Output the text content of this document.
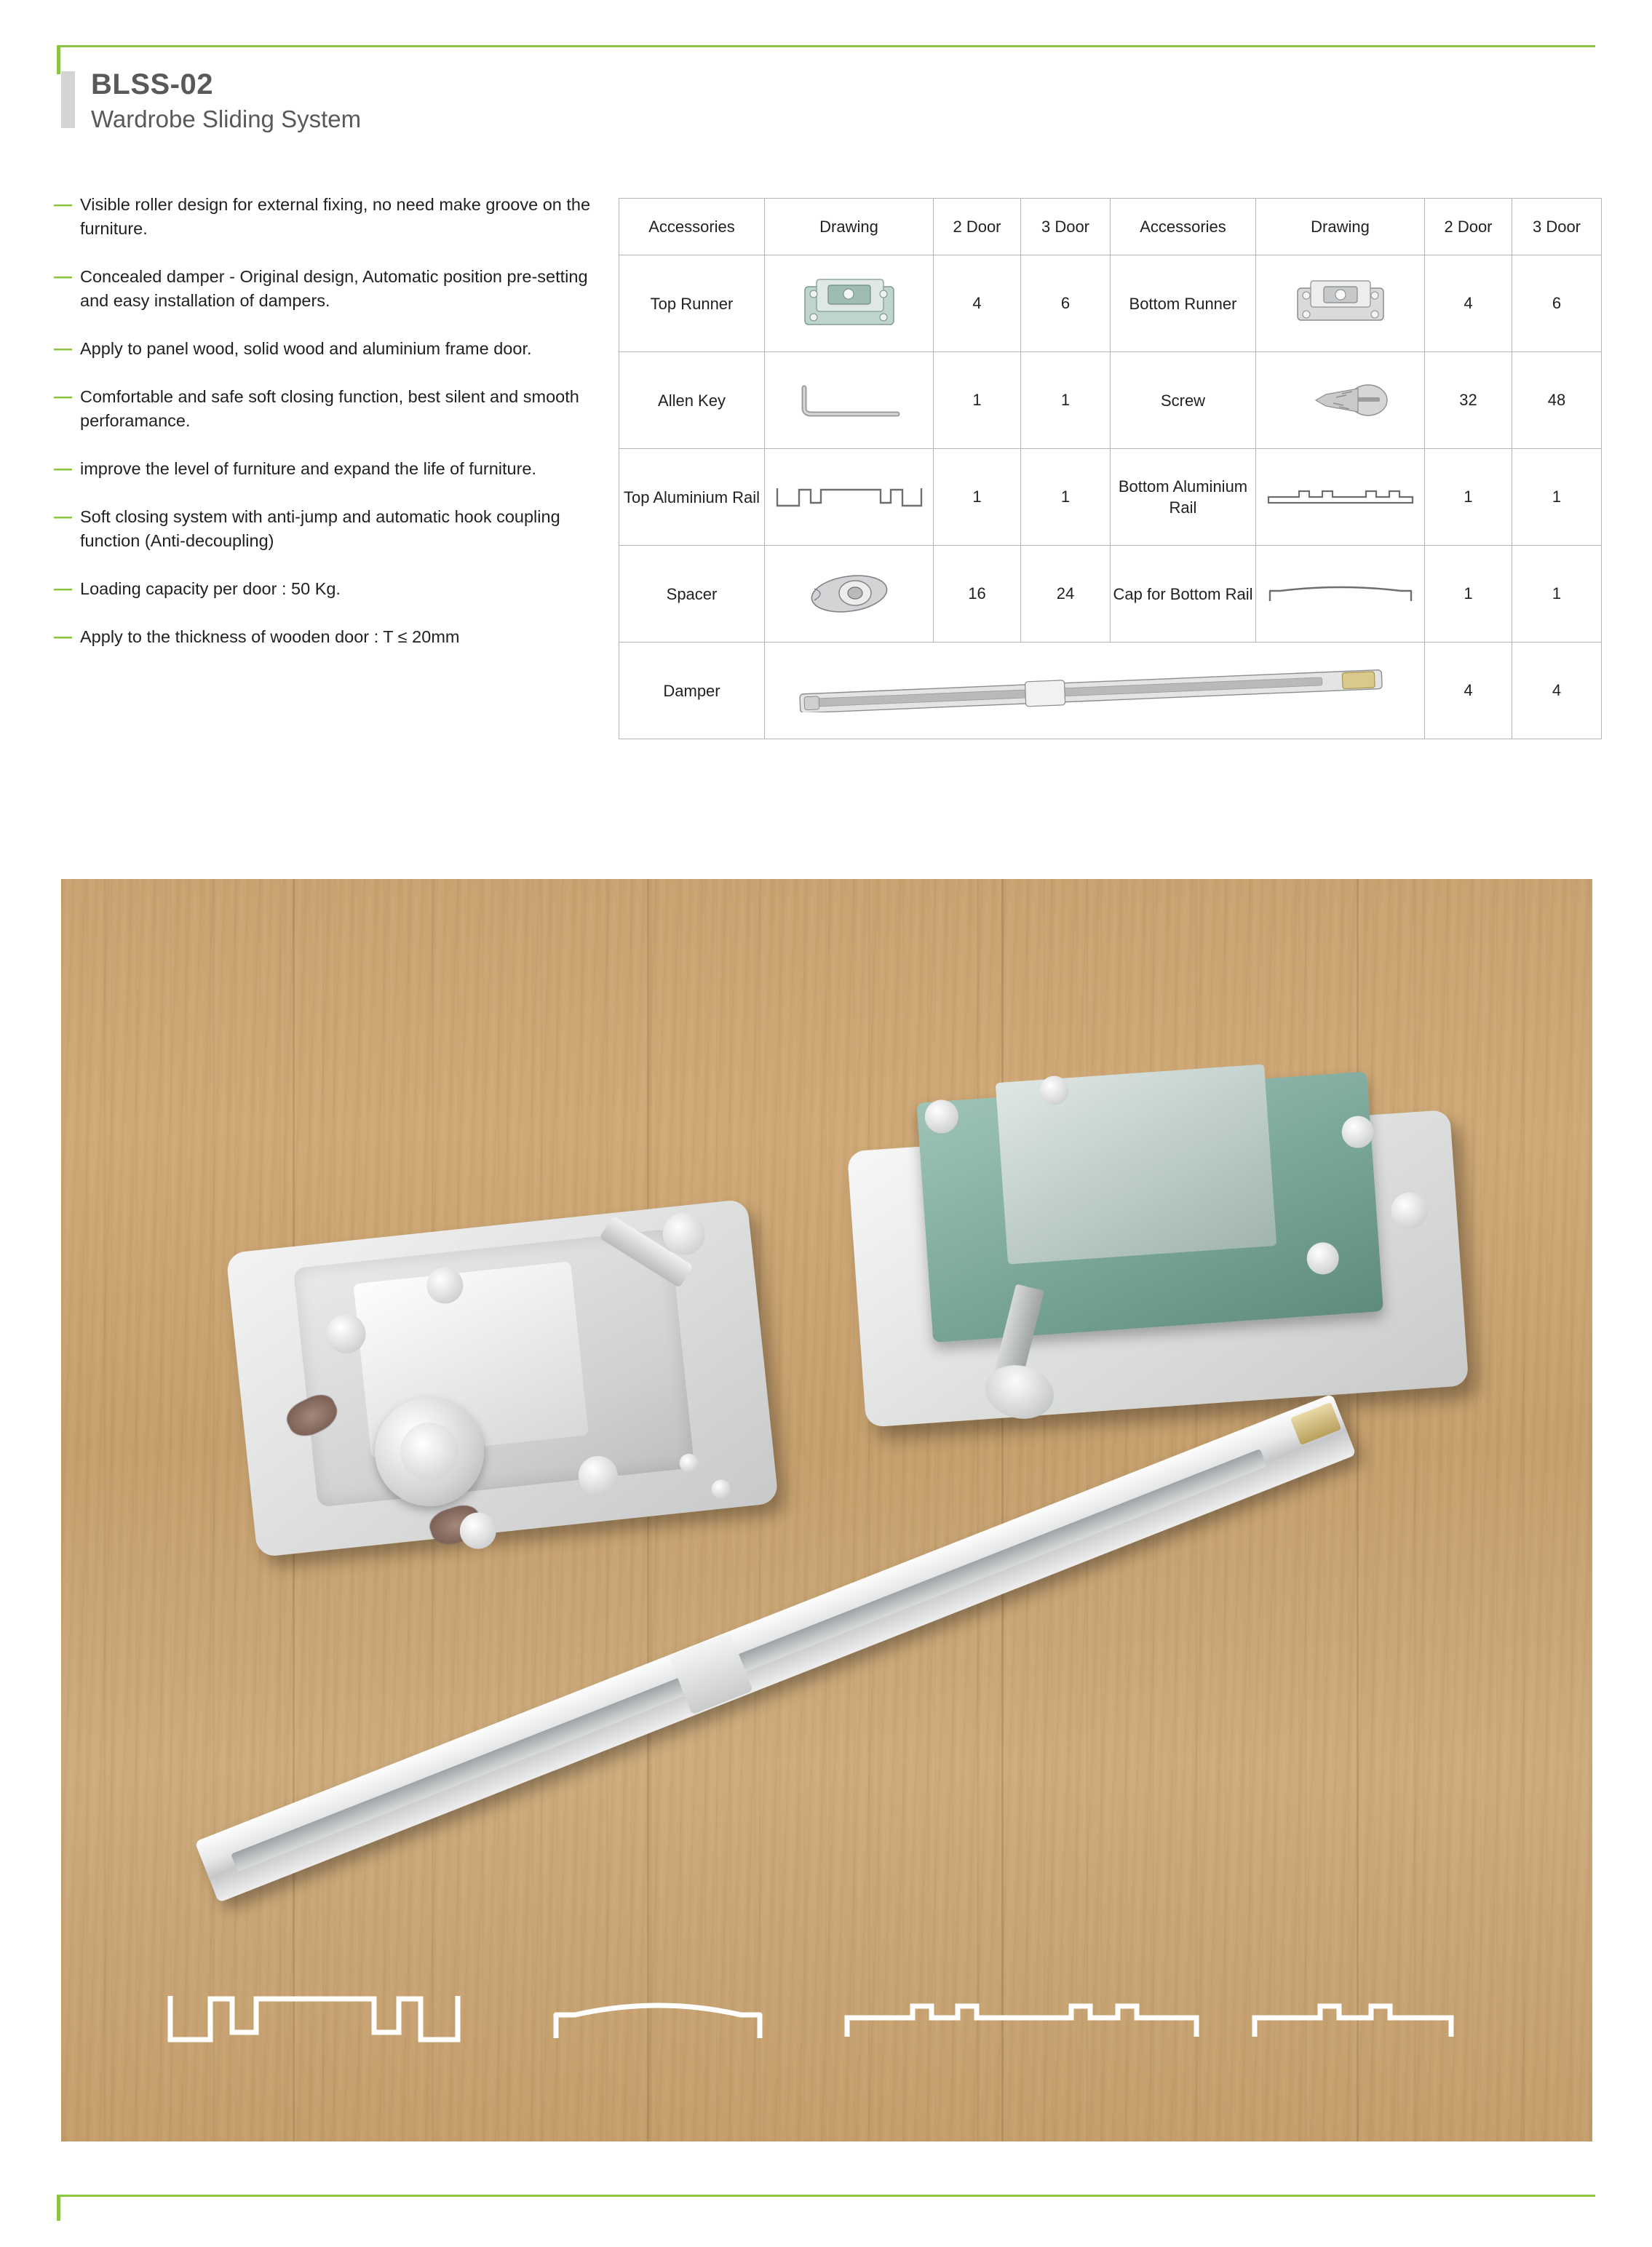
BLSS-02
Wardrobe Sliding System
— Visible roller design for external fixing, no need make groove on the furniture.
— Concealed damper - Original design, Automatic position pre-setting and easy installation of dampers.
— Apply to panel wood, solid wood and aluminium frame door.
— Comfortable and safe soft closing function, best silent and smooth perforamance.
— improve the level of furniture and expand the life of furniture.
— Soft closing system with anti-jump and automatic hook coupling function (Anti-decoupling)
— Loading capacity per door : 50 Kg.
— Apply to the thickness of wooden door : T ≤ 20mm
Accessories	Drawing	2 Door	3 Door	Accessories	Drawing	2 Door	3 Door
Top Runner		4	6	Bottom Runner		4	6
Allen Key		1	1	Screw		32	48
Top Aluminium Rail		1	1	Bottom Aluminium Rail		1	1
Spacer		16	24	Cap for Bottom Rail		1	1
Damper						4	4
